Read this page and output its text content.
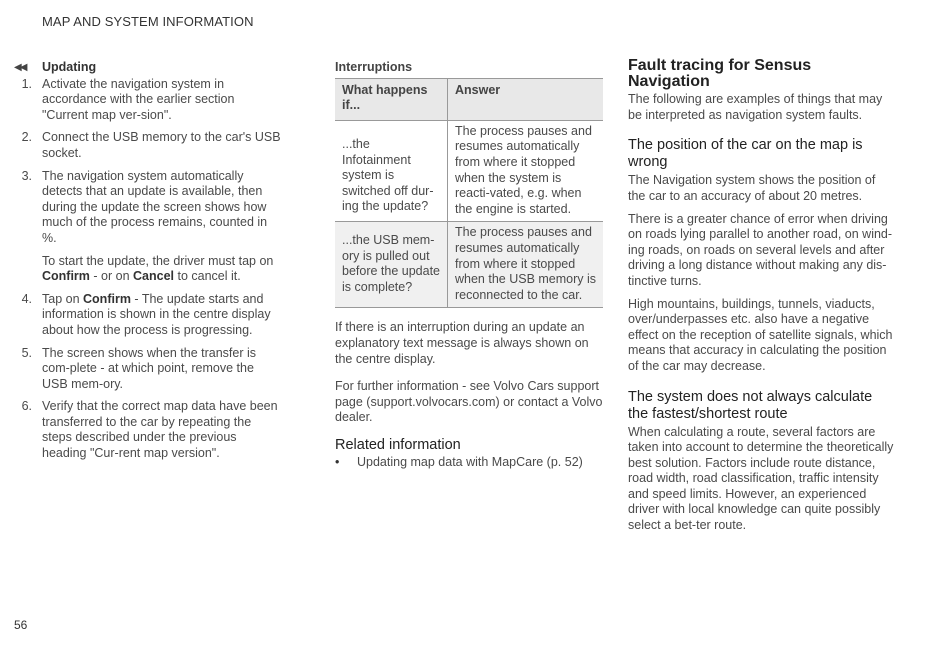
MAP AND SYSTEM INFORMATION
◀◀	Updating
1. Activate the navigation system in accordance with the earlier section "Current map ver-sion".

2. Connect the USB memory to the car's USB socket.

3. The navigation system automatically detects that an update is available, then during the update the screen shows how much of the process remains, counted in %.

To start the update, the driver must tap on Confirm - or on Cancel to cancel it.

4. Tap on Confirm - The update starts and information is shown in the centre display about how the process is progressing.

5. The screen shows when the transfer is com-plete - at which point, remove the USB mem-ory.

6. Verify that the correct map data have been transferred to the car by repeating the steps described under the previous heading "Cur-rent map version".

Interruptions
What happens if...	Answer
...the Infotainment system is switched off dur-ing the update?	The process pauses and resumes automatically from where it stopped when the system is reacti-vated, e.g. when the engine is started.
...the USB mem-ory is pulled out before the update is complete?	The process pauses and resumes automatically from where it stopped when the USB memory is reconnected to the car.

If there is an interruption during an update an explanatory text message is always shown on the centre display.

For further information - see Volvo Cars support page (support.volvocars.com) or contact a Volvo dealer.

Related information
•	Updating map data with MapCare (p. 52)
Fault tracing for Sensus Navigation

The following are examples of things that may be interpreted as navigation system faults.

The position of the car on the map is wrong

The Navigation system shows the position of the car to an accuracy of about 20 metres.

There is a greater chance of error when driving on roads lying parallel to another road, on wind-ing roads, on roads on several levels and after driving a long distance without making any dis-tinctive turns.

High mountains, buildings, tunnels, viaducts, over/underpasses etc. also have a negative effect on the reception of satellite signals, which means that accuracy in calculating the position of the car may decrease.

The system does not always calculate the fastest/shortest route

When calculating a route, several factors are taken into account to determine the theoretically best solution. Factors include route distance, road width, road classification, traffic intensity and speed limits. However, an experienced driver with local knowledge can quite possibly select a bet-ter route.

56
